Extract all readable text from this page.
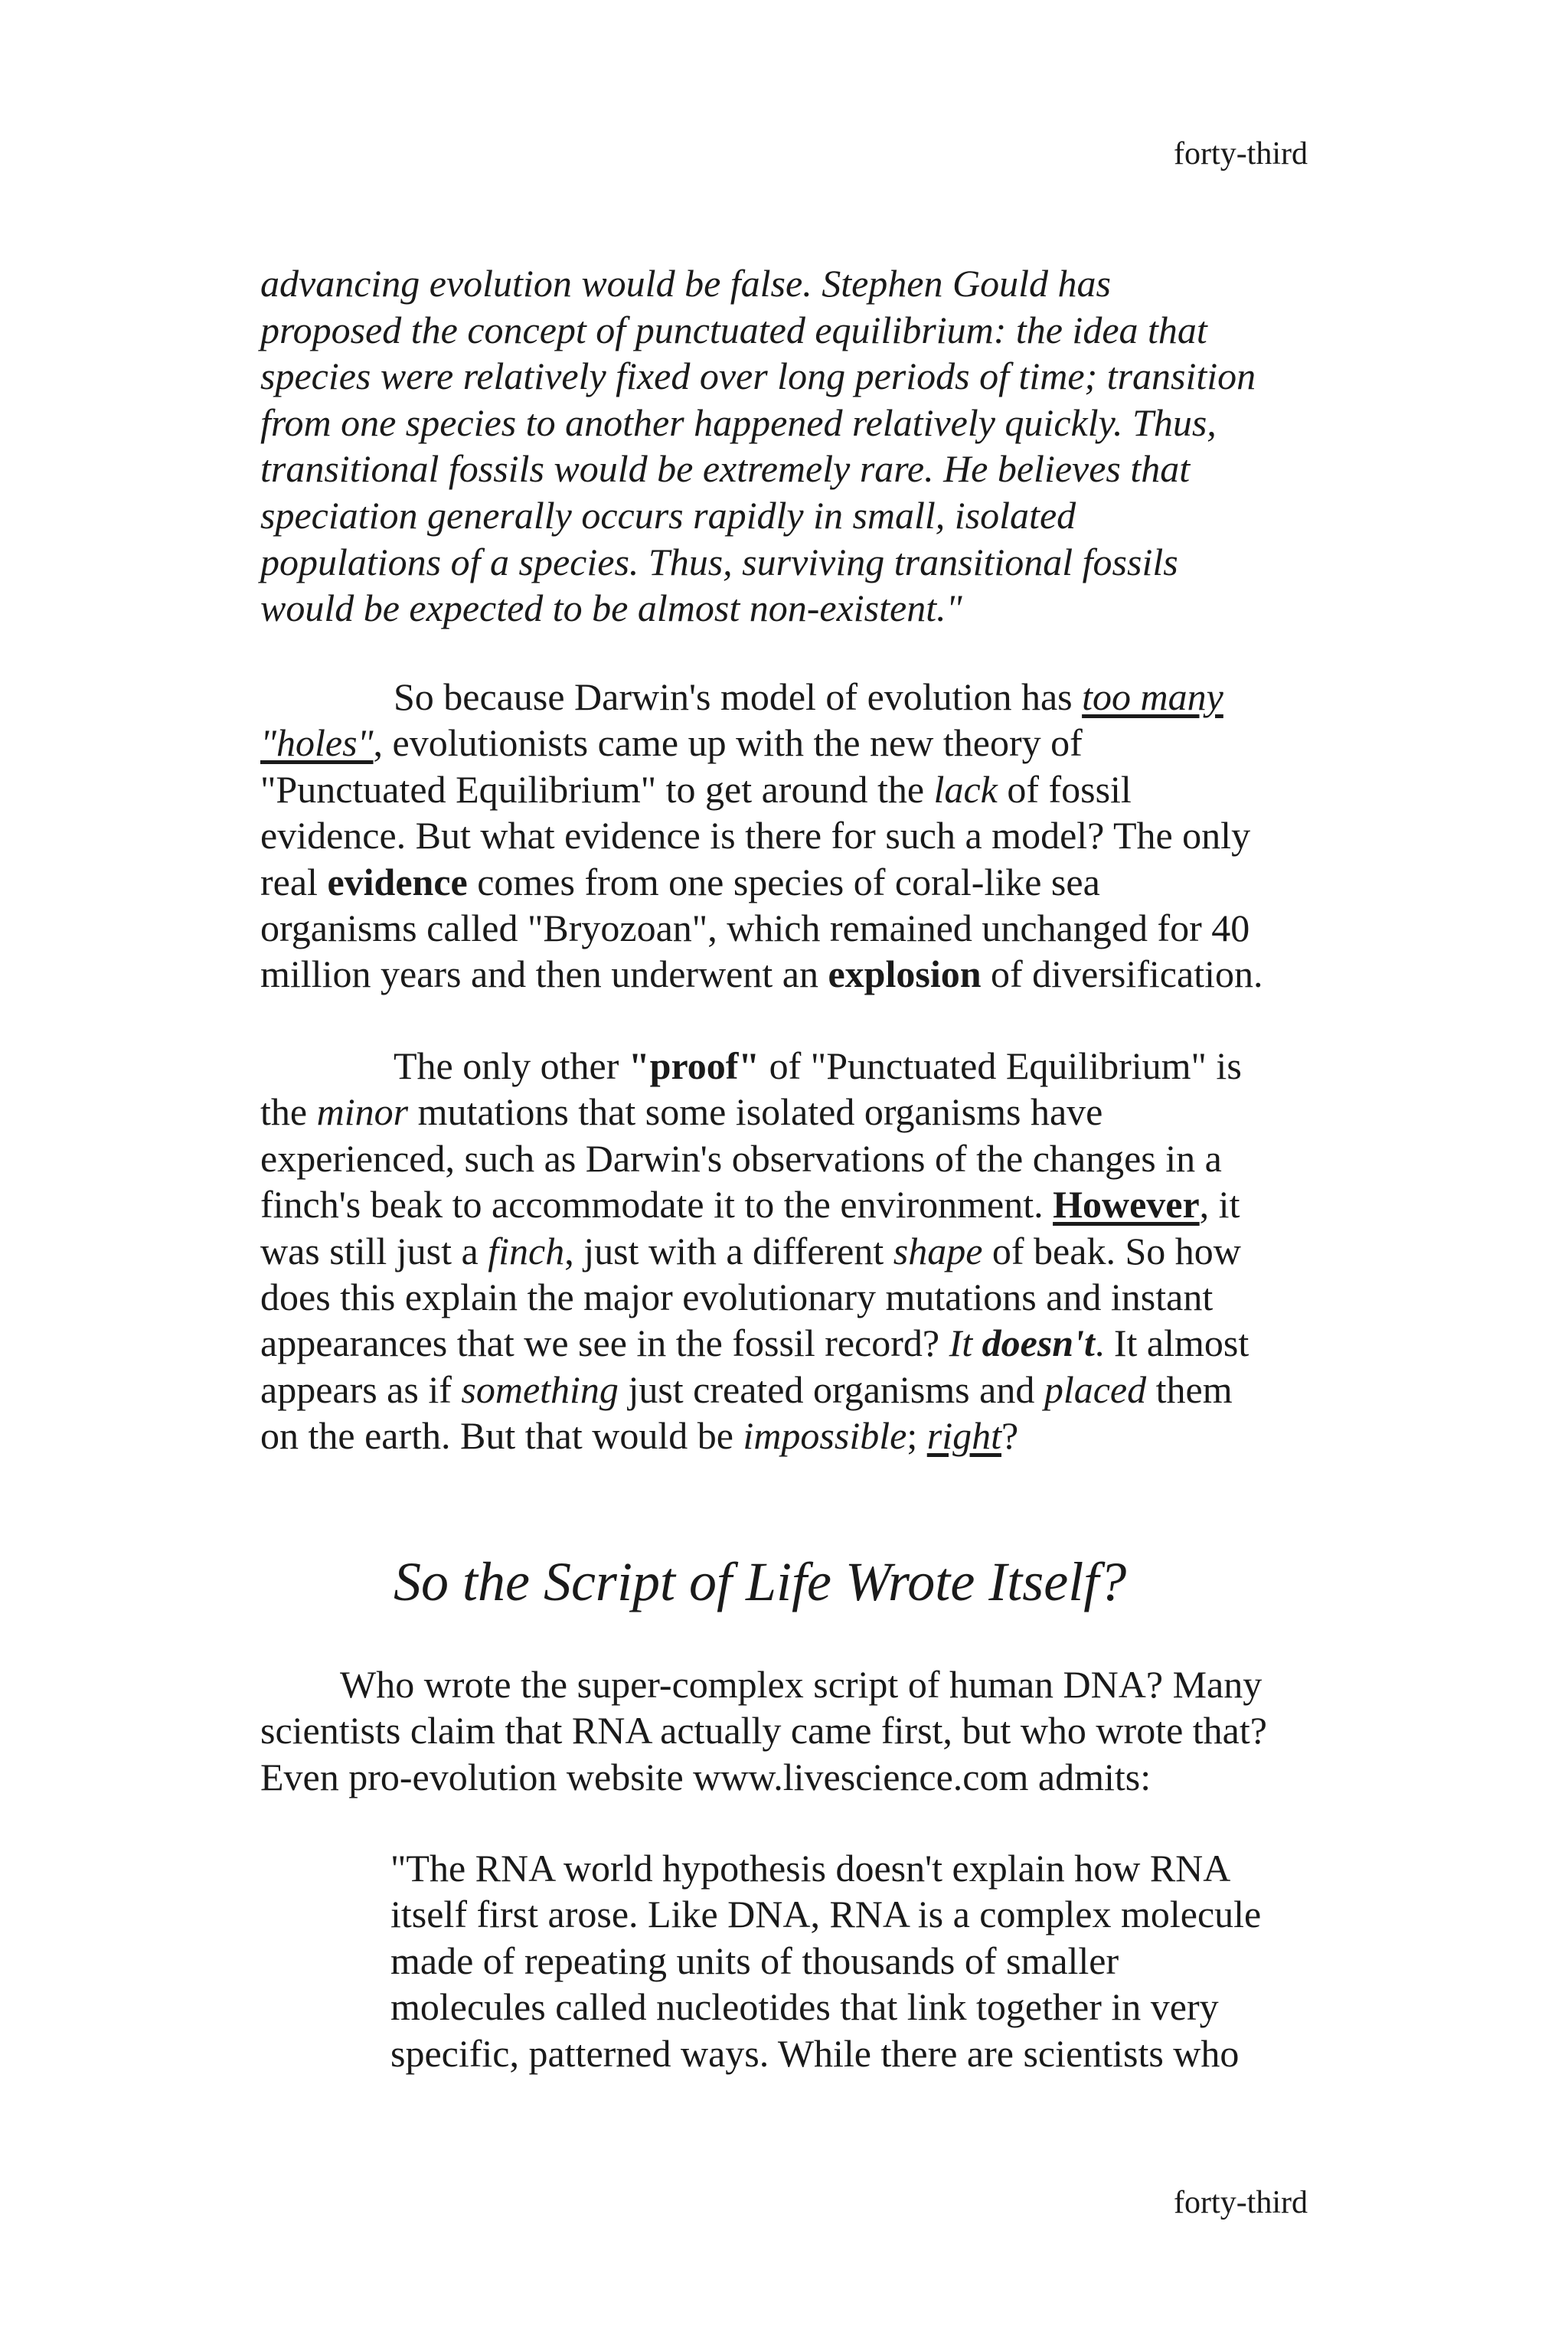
forty-third
advancing evolution would be false. Stephen Gould has
proposed the concept of punctuated equilibrium: the idea that
species were relatively fixed over long periods of time; transition
from one species to another happened relatively quickly. Thus,
transitional fossils would be extremely rare. He believes that
speciation generally occurs rapidly in small, isolated
populations of a species. Thus, surviving transitional fossils
would be expected to be almost non-existent."
So because Darwin's model of evolution has too many
"holes", evolutionists came up with the new theory of
"Punctuated Equilibrium" to get around the lack of fossil
evidence. But what evidence is there for such a model? The only
real evidence comes from one species of coral-like sea
organisms called "Bryozoan", which remained unchanged for 40
million years and then underwent an explosion of diversification.
The only other "proof" of "Punctuated Equilibrium" is
the minor mutations that some isolated organisms have
experienced, such as Darwin's observations of the changes in a
finch's beak to accommodate it to the environment. However, it
was still just a finch, just with a different shape of beak. So how
does this explain the major evolutionary mutations and instant
appearances that we see in the fossil record? It doesn't. It almost
appears as if something just created organisms and placed them
on the earth. But that would be impossible; right?
So the Script of Life Wrote Itself?
Who wrote the super-complex script of human DNA? Many
scientists claim that RNA actually came first, but who wrote that?
Even pro-evolution website www.livescience.com admits:
"The RNA world hypothesis doesn't explain how RNA
itself first arose. Like DNA, RNA is a complex molecule
made of repeating units of thousands of smaller
molecules called nucleotides that link together in very
specific, patterned ways. While there are scientists who
forty-third
